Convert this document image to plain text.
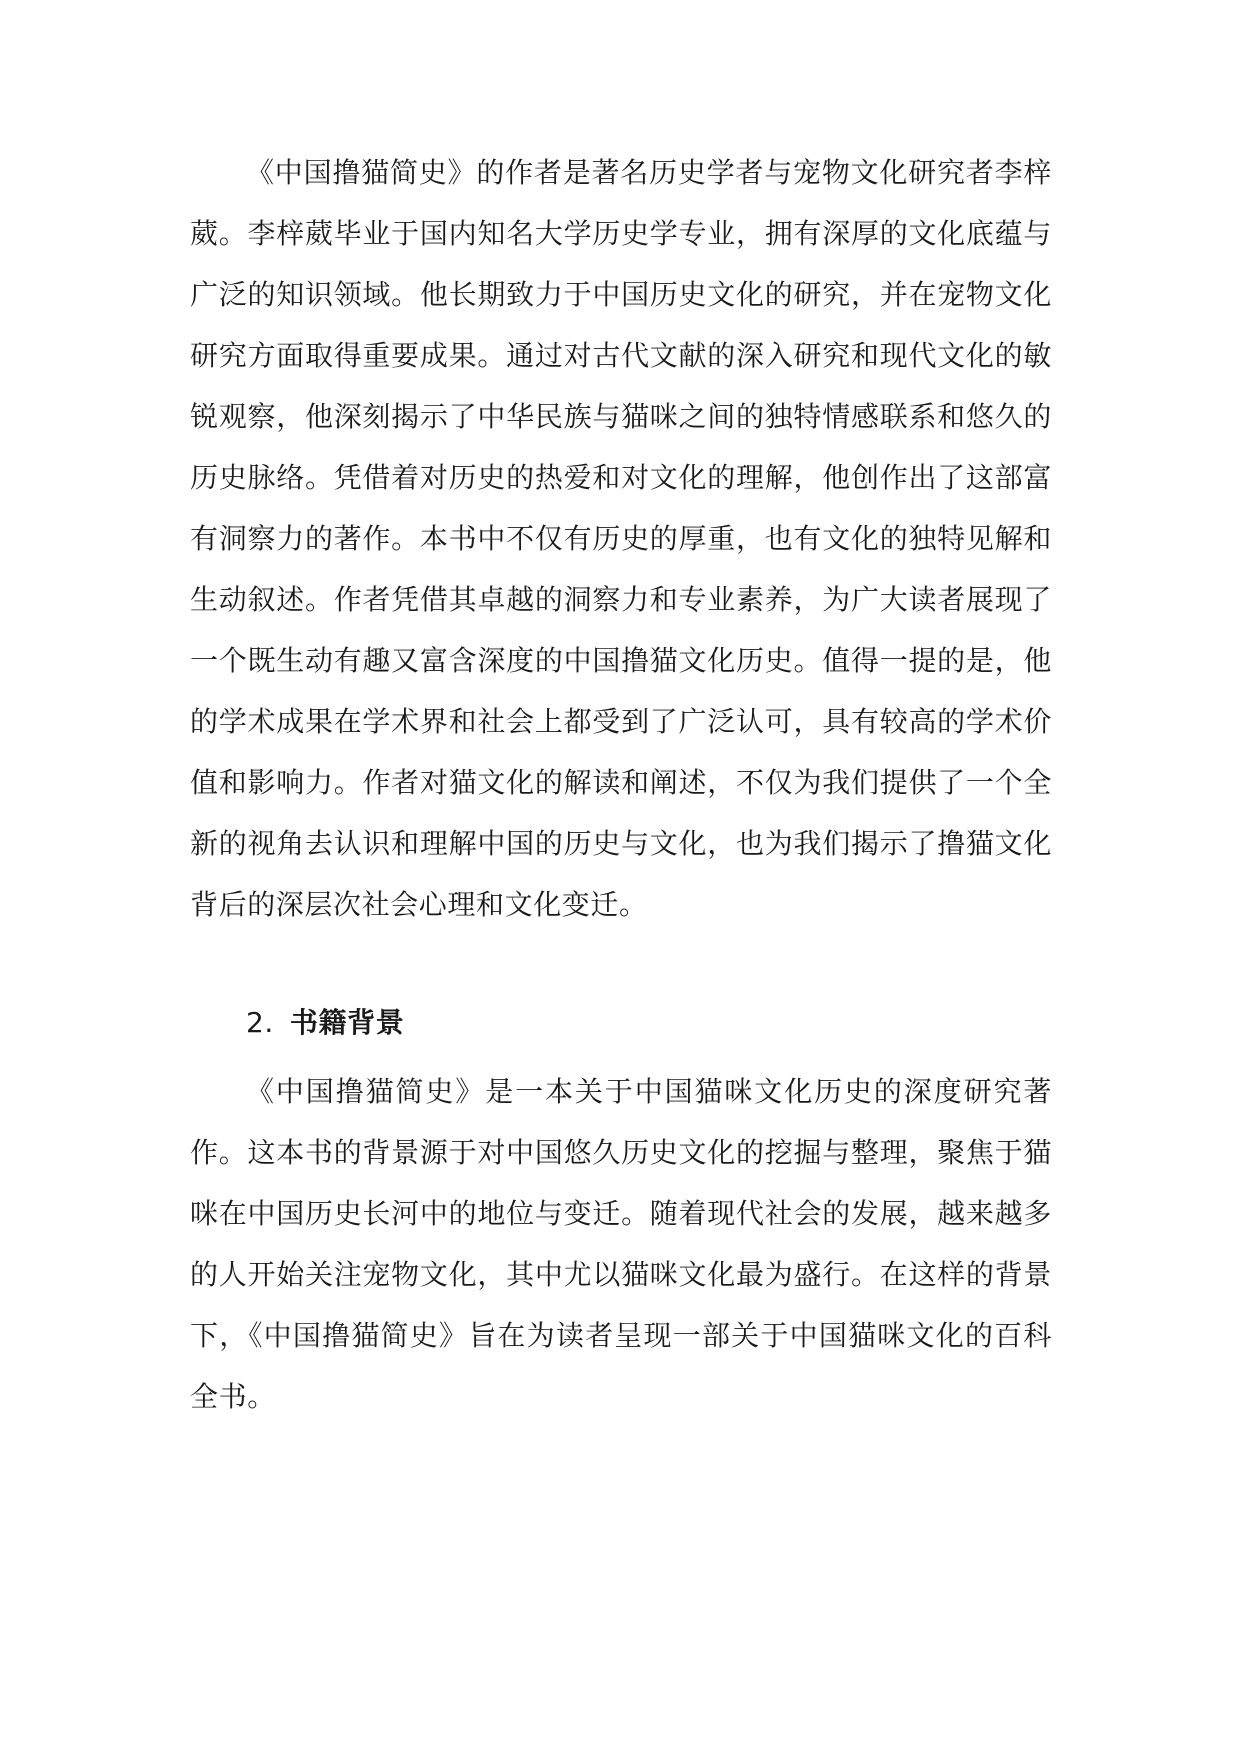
《中国撸猫简史》的作者是著名历史学者与宠物文化研究者李梓葳。李梓葳毕业于国内知名大学历史学专业，拥有深厚的文化底蕴与广泛的知识领域。他长期致力于中国历史文化的研究，并在宠物文化研究方面取得重要成果。通过对古代文献的深入研究和现代文化的敏锐观察，他深刻揭示了中华民族与猫咪之间的独特情感联系和悠久的历史脉络。凭借着对历史的热爱和对文化的理解，他创作出了这部富有洞察力的著作。本书中不仅有历史的厚重，也有文化的独特见解和生动叙述。作者凭借其卓越的洞察力和专业素养，为广大读者展现了一个既生动有趣又富含深度的中国撸猫文化历史。值得一提的是，他的学术成果在学术界和社会上都受到了广泛认可，具有较高的学术价值和影响力。作者对猫文化的解读和阐述，不仅为我们提供了一个全新的视角去认识和理解中国的历史与文化，也为我们揭示了撸猫文化背后的深层次社会心理和文化变迁。

2. 书籍背景

《中国撸猫简史》是一本关于中国猫咪文化历史的深度研究著作。这本书的背景源于对中国悠久历史文化的挖掘与整理，聚焦于猫咪在中国历史长河中的地位与变迁。随着现代社会的发展，越来越多的人开始关注宠物文化，其中尤以猫咪文化最为盛行。在这样的背景下，《中国撸猫简史》旨在为读者呈现一部关于中国猫咪文化的百科全书。
